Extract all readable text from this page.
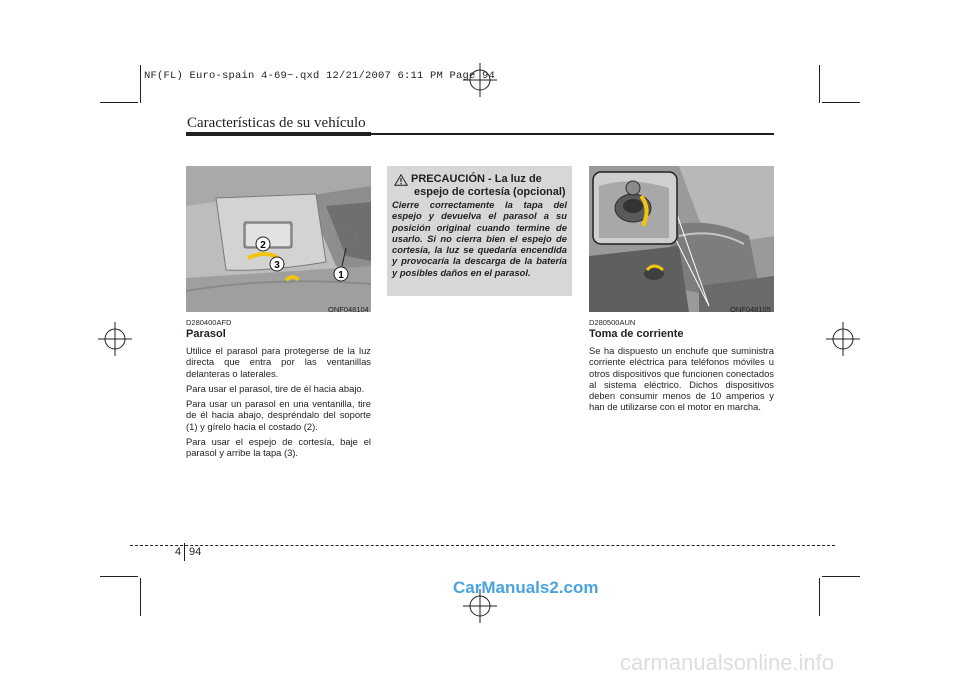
NF(FL) Euro-spain 4-69~.qxd 12/21/2007 6:11 PM Page 94
Características de su vehículo
2
3
1
ONF048104
D280400AFD
Parasol

Utilice el parasol para protegerse de la luz directa que entra por las ventanillas delanteras o laterales.

Para usar el parasol, tire de él hacia abajo.

Para usar un parasol en una ventanilla, tire de él hacia abajo, despréndalo del soporte (1) y gírelo hacia el costado (2).

Para usar el espejo de cortesía, baje el parasol y arribe la tapa (3).

PRECAUCIÓN - La luz de
espejo de cortesía (opcional)
Cierre correctamente la tapa del espejo y devuelva el parasol a su posición original cuando termine de usarlo. Si no cierra bien el espejo de cortesía, la luz se quedaría encendida y provocaría la descarga de la batería y posibles daños en el parasol.
ONF048105
D280500AUN
Toma de corriente
Se ha dispuesto un enchufe que suministra corriente eléctrica para teléfonos móviles u otros dispositivos que funcionen conectados al sistema eléctrico. Dichos dispositivos deben consumir menos de 10 amperios y han de utilizarse con el motor en marcha.
4 94
CarManuals2.com
carmanualsonline.info
